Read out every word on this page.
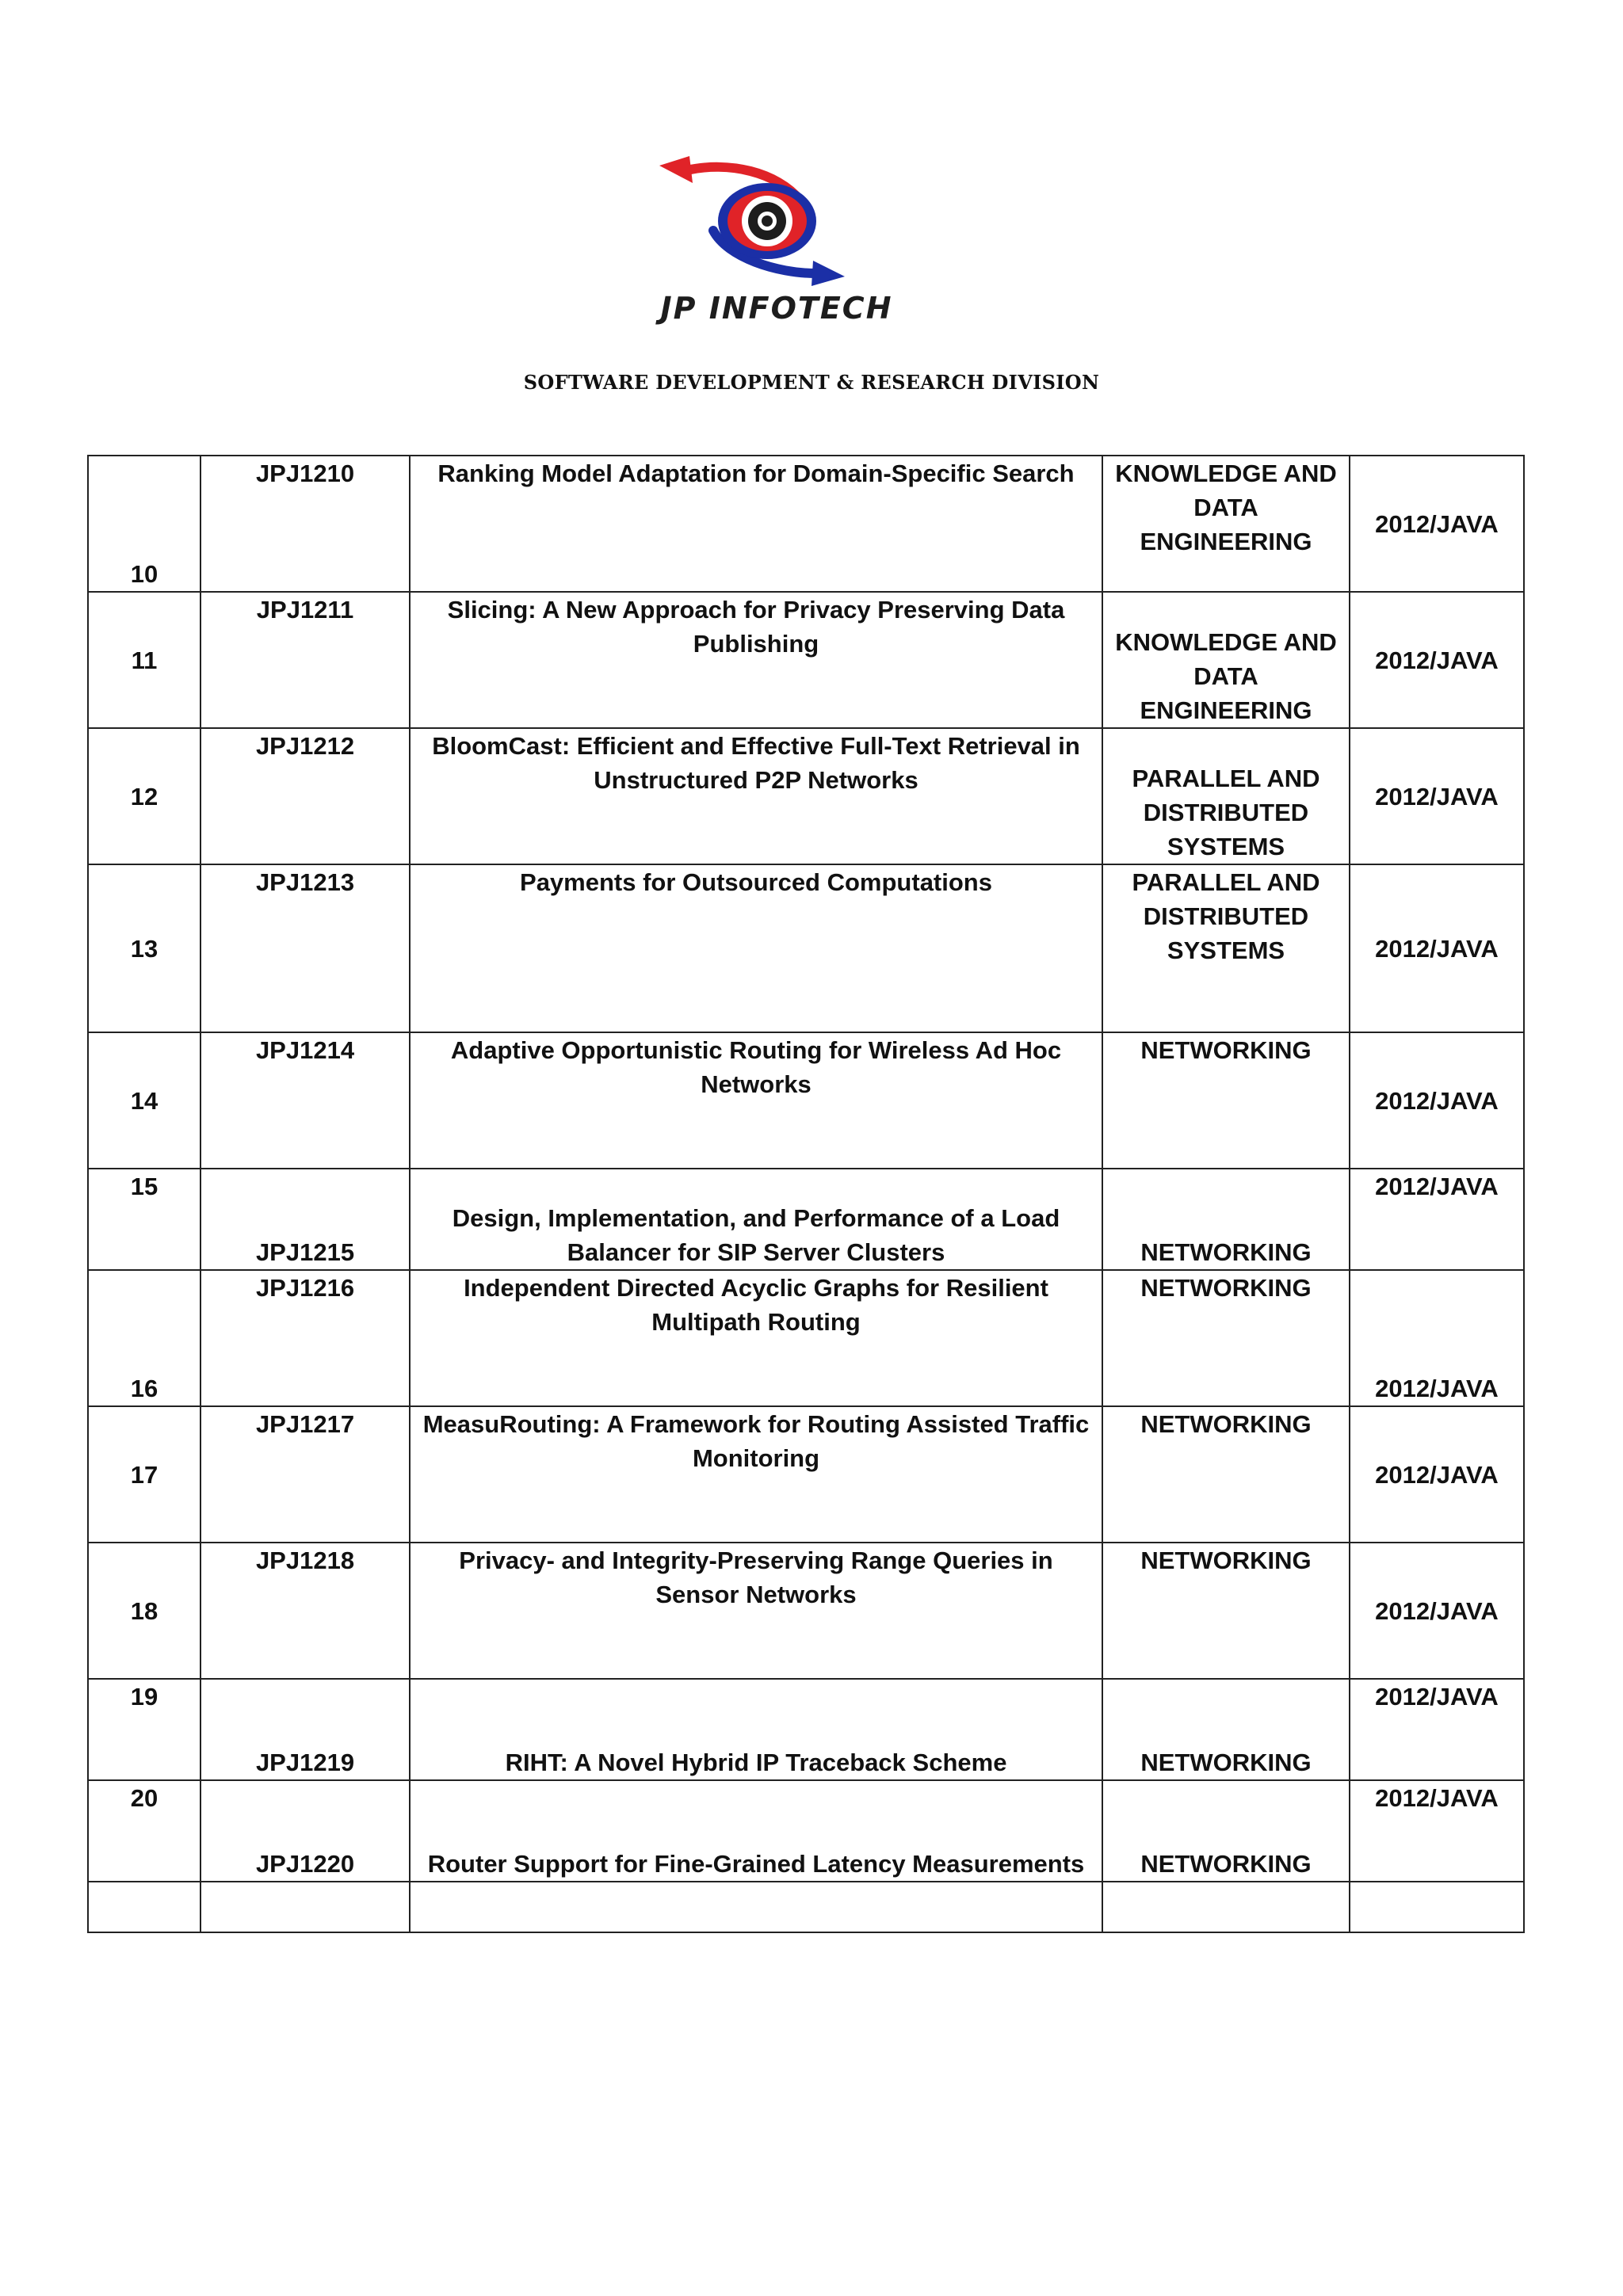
JP INFOTECH
SOFTWARE DEVELOPMENT & RESEARCH DIVISION
10	JPJ1210	Ranking Model Adaptation for Domain-Specific Search	KNOWLEDGE AND DATA ENGINEERING	2012/JAVA
11	JPJ1211	Slicing: A New Approach for Privacy Preserving Data Publishing	KNOWLEDGE AND DATA ENGINEERING	2012/JAVA
12	JPJ1212	BloomCast: Efficient and Effective Full-Text Retrieval in Unstructured P2P Networks	PARALLEL AND DISTRIBUTED SYSTEMS	2012/JAVA
13	JPJ1213	Payments for Outsourced Computations	PARALLEL AND DISTRIBUTED SYSTEMS	2012/JAVA
14	JPJ1214	Adaptive Opportunistic Routing for Wireless Ad Hoc Networks	NETWORKING	2012/JAVA
15	JPJ1215	Design, Implementation, and Performance of a Load Balancer for SIP Server Clusters	NETWORKING	2012/JAVA
16	JPJ1216	Independent Directed Acyclic Graphs for Resilient Multipath Routing	NETWORKING	2012/JAVA
17	JPJ1217	MeasuRouting: A Framework for Routing Assisted Traffic Monitoring	NETWORKING	2012/JAVA
18	JPJ1218	Privacy- and Integrity-Preserving Range Queries in Sensor Networks	NETWORKING	2012/JAVA
19	JPJ1219	RIHT: A Novel Hybrid IP Traceback Scheme	NETWORKING	2012/JAVA
20	JPJ1220	Router Support for Fine-Grained Latency Measurements	NETWORKING	2012/JAVA
